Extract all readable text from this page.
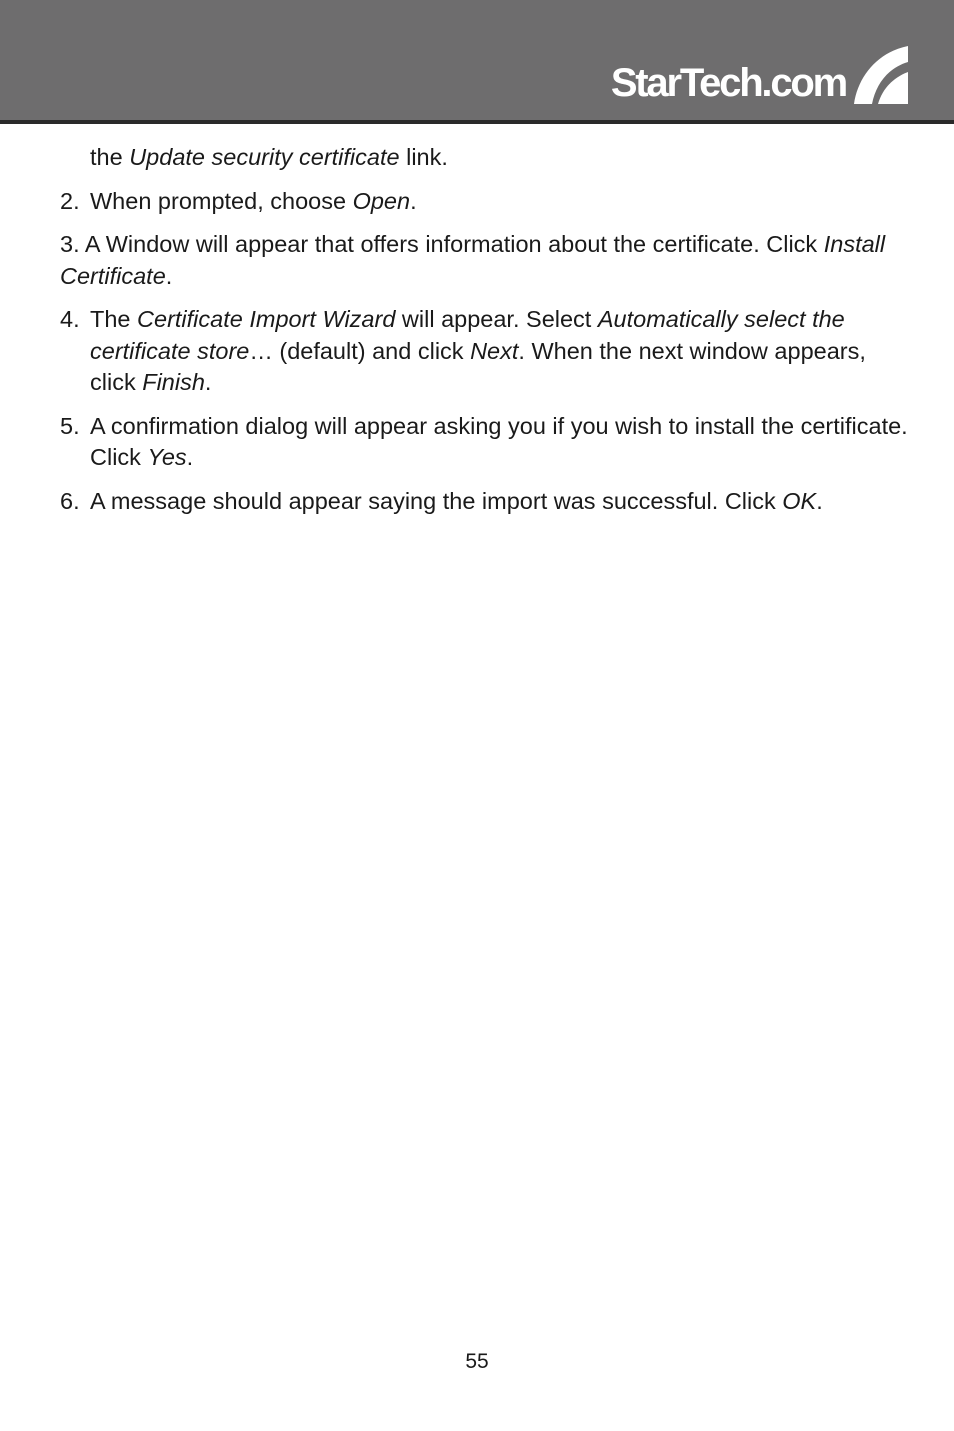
StarTech.com
the Update security certificate link.
2. When prompted, choose Open.
3. A Window will appear that offers information about the certificate. Click Install Certificate.
4. The Certificate Import Wizard will appear. Select Automatically select the certificate store… (default) and click Next. When the next window appears, click Finish.
5. A confirmation dialog will appear asking you if you wish to install the certificate.    Click Yes.
6. A message should appear saying the import was successful. Click OK.
55
